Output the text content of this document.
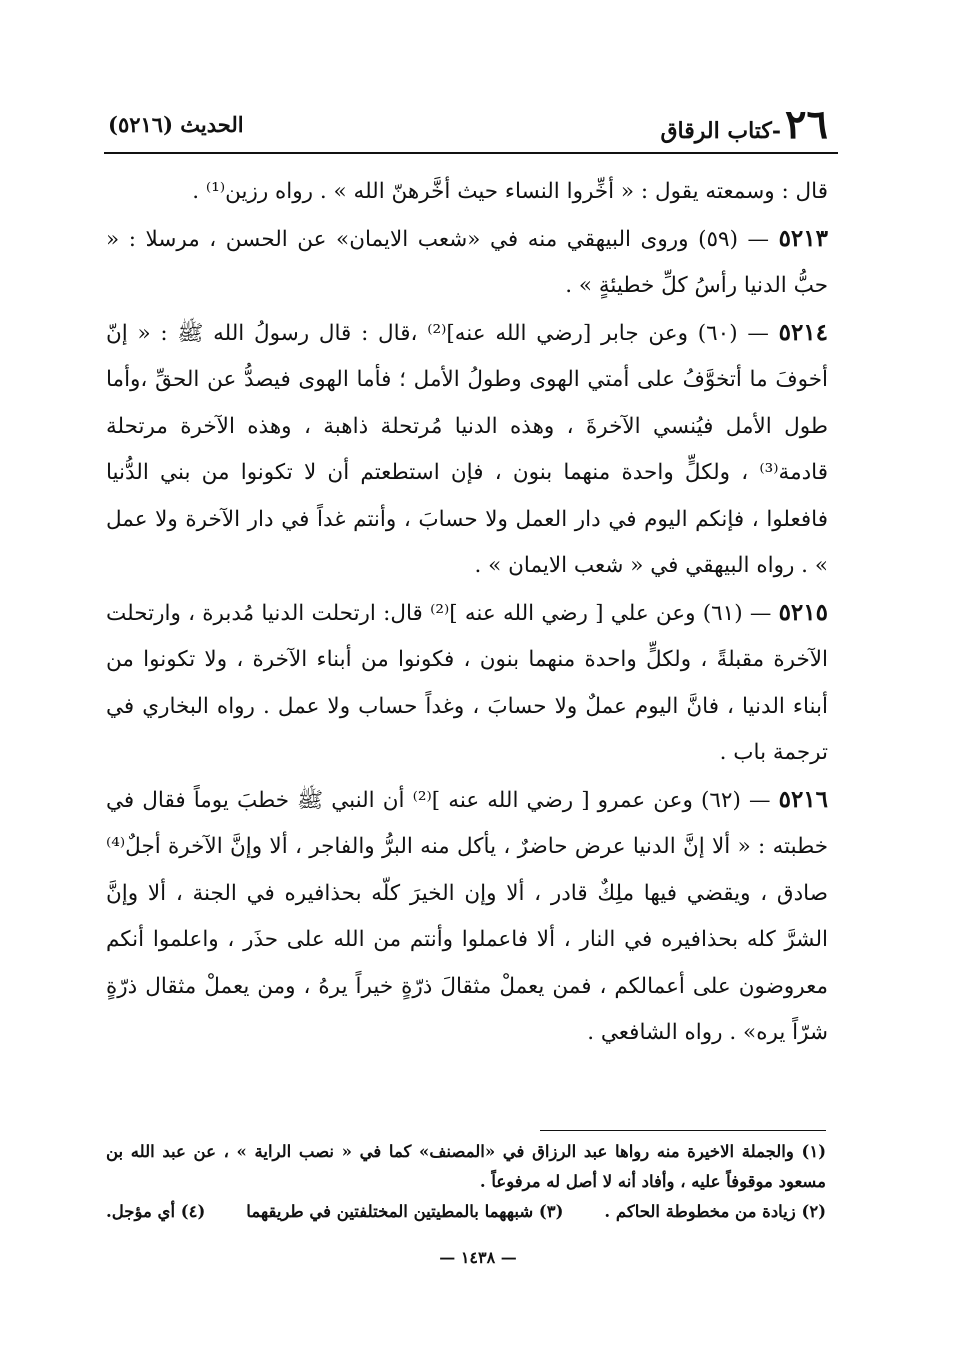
٢٦
-كتاب الرقاق
الحديث (٥٢١٦)

قال : وسمعته يقول : « أخِّروا النساء حيث أخَّرهنّ الله » . رواه رزين⁽¹⁾ .

٥٢١٣ — (٥٩) وروى البيهقي منه في «شعب الايمان» عن الحسن ، مرسلا : « حبُّ الدنيا رأسُ كلِّ خطيئةٍ » .

٥٢١٤ — (٦٠) وعن جابر [رضي الله عنه]⁽²⁾ ،قال : قال رسولُ الله ﷺ : « إنّ أخوفَ ما أتخوَّفُ على أمتي الهوى وطولُ الأمل ؛ فأما الهوى فيصدُّ عن الحقِّ ،وأما طول الأمل فيُنسي الآخرةَ ، وهذه الدنيا مُرتحلة ذاهبة ، وهذه الآخرة مرتحلة قادمة⁽³⁾ ، ولكلٍّ واحدة منهما بنون ، فإن استطعتم أن لا تكونوا من بني الدُّنيا فافعلوا ، فإنكم اليوم في دار العمل ولا حسابَ ، وأنتم غداً في دار الآخرة ولا عمل » . رواه البيهقي في « شعب الايمان » .

٥٢١٥ — (٦١) وعن علي [ رضي الله عنه ]⁽²⁾ قال: ارتحلت الدنيا مُدبرة ، وارتحلت الآخرة مقبلةً ، ولكلٍّ واحدة منهما بنون ، فكونوا من أبناء الآخرة ، ولا تكونوا من أبناء الدنيا ، فانَّ اليوم عملٌ ولا حسابَ ، وغداً حساب ولا عمل . رواه البخاري في ترجمة باب .

٥٢١٦ — (٦٢) وعن عمرو [ رضي الله عنه ]⁽²⁾ أن النبي ﷺ خطبَ يوماً فقال في خطبته : « ألا إنَّ الدنيا عرض حاضرٌ ، يأكل منه البرُّ والفاجر ، ألا وإنَّ الآخرة أجلٌ⁽⁴⁾ صادق ، ويقضي فيها ملِكٌ قادر ، ألا وإن الخيرَ كلّه بحذافيره في الجنة ، ألا وإنَّ الشرَّ كله بحذافيره في النار ، ألا فاعملوا وأنتم من الله على حذَر ، واعلموا أنكم معروضون على أعمالكم ، فمن يعملْ مثقالَ ذرّةٍ خيراً يرهُ ، ومن يعملْ مثقال ذرّةٍ شرّاً يره» . رواه الشافعي .

(١) والجملة الاخيرة منه رواها عبد الرزاق في «المصنف» كما في « نصب الراية » ، عن عبد الله بن مسعود موقوفاً عليه ، وأفاد أنه لا أصل له مرفوعاً .

(٢) زيادة من مخطوطة الحاكم .
(٣) شبههما بالمطيتين المختلفتين في طريقهما
(٤) أي مؤجل.
— ١٤٣٨ —
